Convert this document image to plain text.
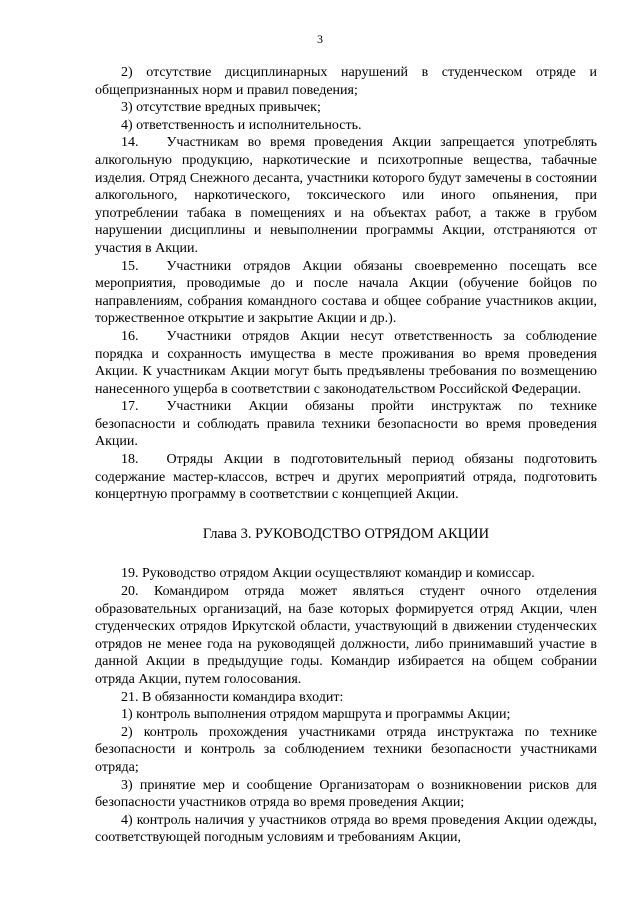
3

2) отсутствие дисциплинарных нарушений в студенческом отряде и общепризнанных норм и правил поведения;

3) отсутствие вредных привычек;

4) ответственность и исполнительность.

14.  Участникам во время проведения Акции запрещается употреблять алкогольную продукцию, наркотические и психотропные вещества, табачные изделия. Отряд Снежного десанта, участники которого будут замечены в состоянии алкогольного, наркотического, токсического или иного опьянения, при употреблении табака в помещениях и на объектах работ, а также в грубом нарушении дисциплины и невыполнении программы Акции, отстраняются от участия в Акции.

15.  Участники отрядов Акции обязаны своевременно посещать все мероприятия, проводимые до и после начала Акции (обучение бойцов по направлениям, собрания командного состава и общее собрание участников акции, торжественное открытие и закрытие Акции и др.).

16.  Участники отрядов Акции несут ответственность за соблюдение порядка и сохранность имущества в месте проживания во время проведения Акции. К участникам Акции могут быть предъявлены требования по возмещению нанесенного ущерба в соответствии с законодательством Российской Федерации.

17.  Участники Акции обязаны пройти инструктаж по технике безопасности и соблюдать правила техники безопасности во время проведения Акции.

18.  Отряды Акции в подготовительный период обязаны подготовить содержание мастер-классов, встреч и других мероприятий отряда, подготовить концертную программу в соответствии с концепцией Акции.

Глава 3. РУКОВОДСТВО ОТРЯДОМ АКЦИИ

19. Руководство отрядом Акции осуществляют командир и комиссар.

20. Командиром отряда может являться студент очного отделения образовательных организаций, на базе которых формируется отряд Акции, член студенческих отрядов Иркутской области, участвующий в движении студенческих отрядов не менее года на руководящей должности, либо принимавший участие в данной Акции в предыдущие годы. Командир избирается на общем собрании отряда Акции, путем голосования.

21. В обязанности командира входит:

1) контроль выполнения отрядом маршрута и программы Акции;

2) контроль прохождения участниками отряда инструктажа по технике безопасности и контроль за соблюдением техники безопасности участниками отряда;

3) принятие мер и сообщение Организаторам о возникновении рисков для безопасности участников отряда во время проведения Акции;

4) контроль наличия у участников отряда во время проведения Акции одежды, соответствующей погодным условиям и требованиям Акции,
